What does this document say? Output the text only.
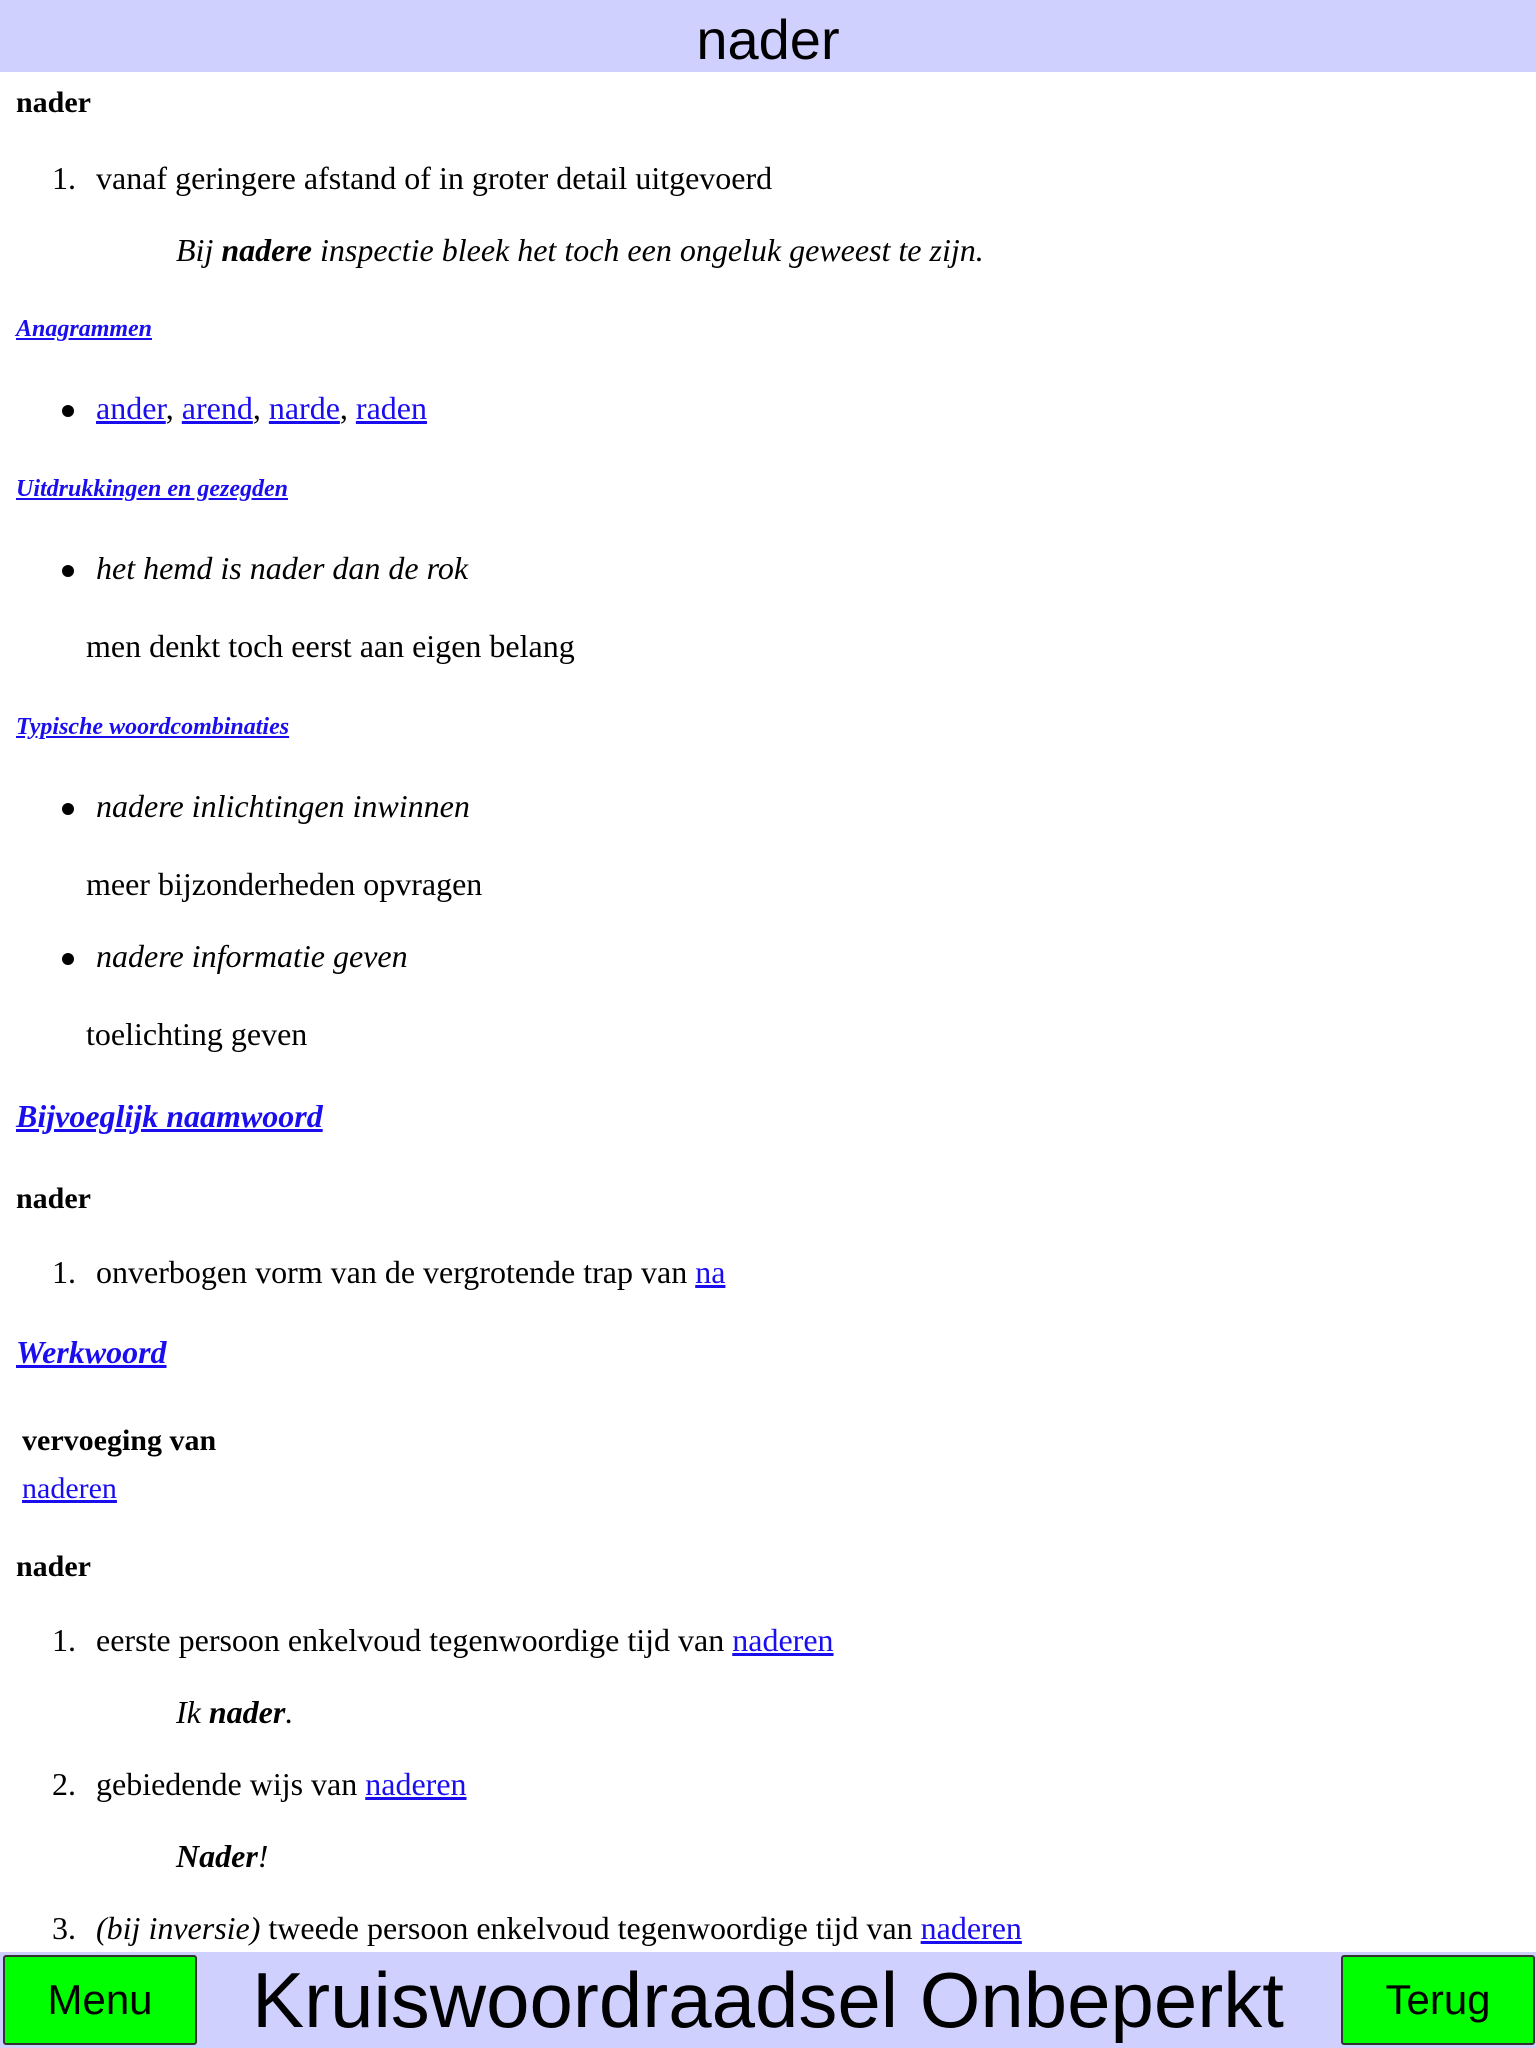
nader
nader
1. vanaf geringere afstand of in groter detail uitgevoerd
Bij nadere inspectie bleek het toch een ongeluk geweest te zijn.
Anagrammen
ander, arend, narde, raden
Uitdrukkingen en gezegden
het hemd is nader dan de rok
men denkt toch eerst aan eigen belang
Typische woordcombinaties
nadere inlichtingen inwinnen
meer bijzonderheden opvragen
nadere informatie geven
toelichting geven
Bijvoeglijk naamwoord
nader
1. onverbogen vorm van de vergrotende trap van na
Werkwoord
vervoeging van
naderen
nader
1. eerste persoon enkelvoud tegenwoordige tijd van naderen
Ik nader.
2. gebiedende wijs van naderen
Nader!
3. (bij inversie) tweede persoon enkelvoud tegenwoordige tijd van naderen
Menu	Kruiswoordraadsel Onbeperkt	Terug
